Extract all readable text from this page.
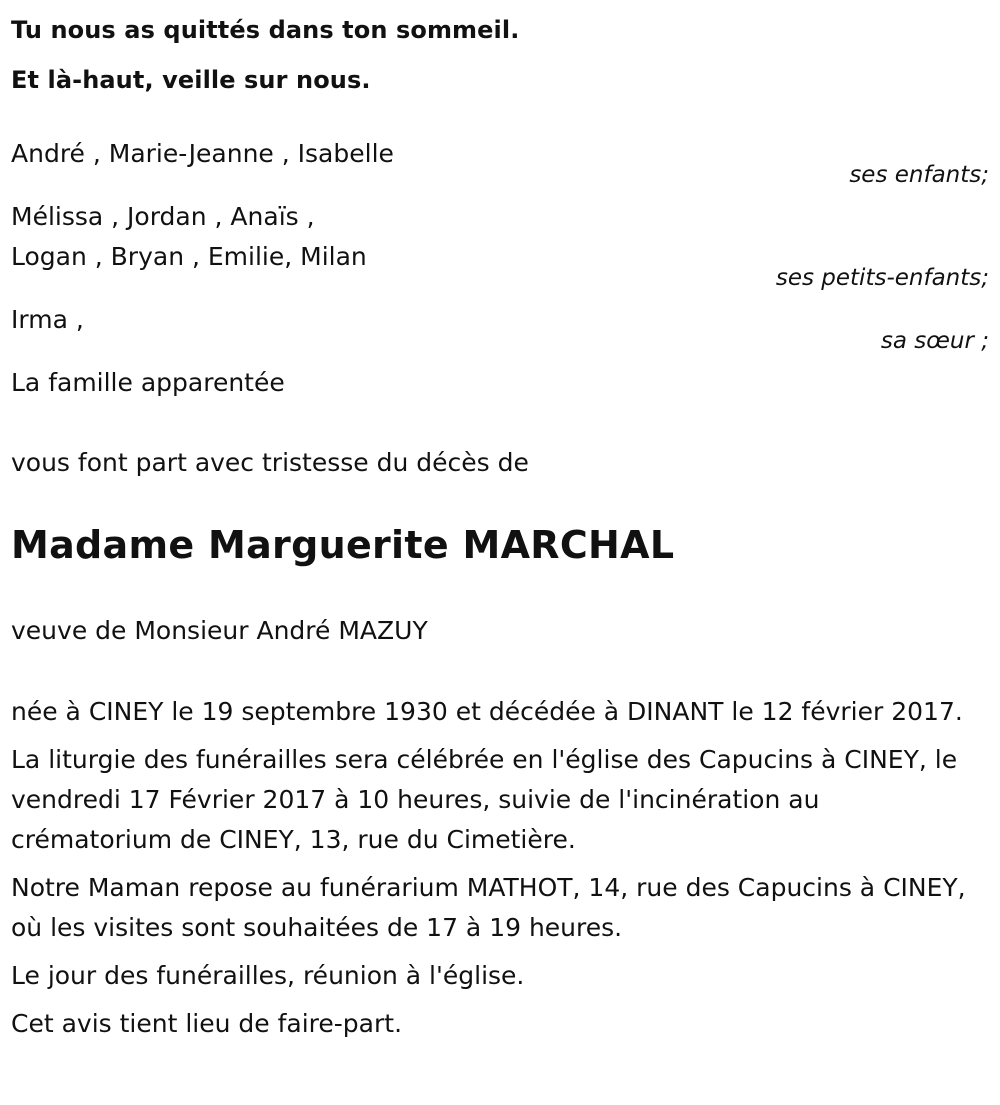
Tu nous as quittés dans ton sommeil.

Et là-haut, veille sur nous.

André , Marie-Jeanne , Isabelle

ses enfants;

Mélissa , Jordan , Anaïs ,

Logan , Bryan , Emilie, Milan

ses petits-enfants;

Irma ,

sa sœur ;

La famille apparentée

vous font part avec tristesse du décès de

Madame Marguerite MARCHAL

veuve de Monsieur André MAZUY

née à CINEY le 19 septembre 1930 et décédée à DINANT le 12 février 2017.

La liturgie des funérailles sera célébrée en l'église des Capucins à CINEY, le vendredi 17 Février 2017 à 10 heures, suivie de l'incinération au crématorium de CINEY, 13, rue du Cimetière.

Notre Maman repose au funérarium MATHOT, 14, rue des Capucins à CINEY, où les visites sont souhaitées de 17 à 19 heures.

Le jour des funérailles, réunion à l'église.

Cet avis tient lieu de faire-part.
